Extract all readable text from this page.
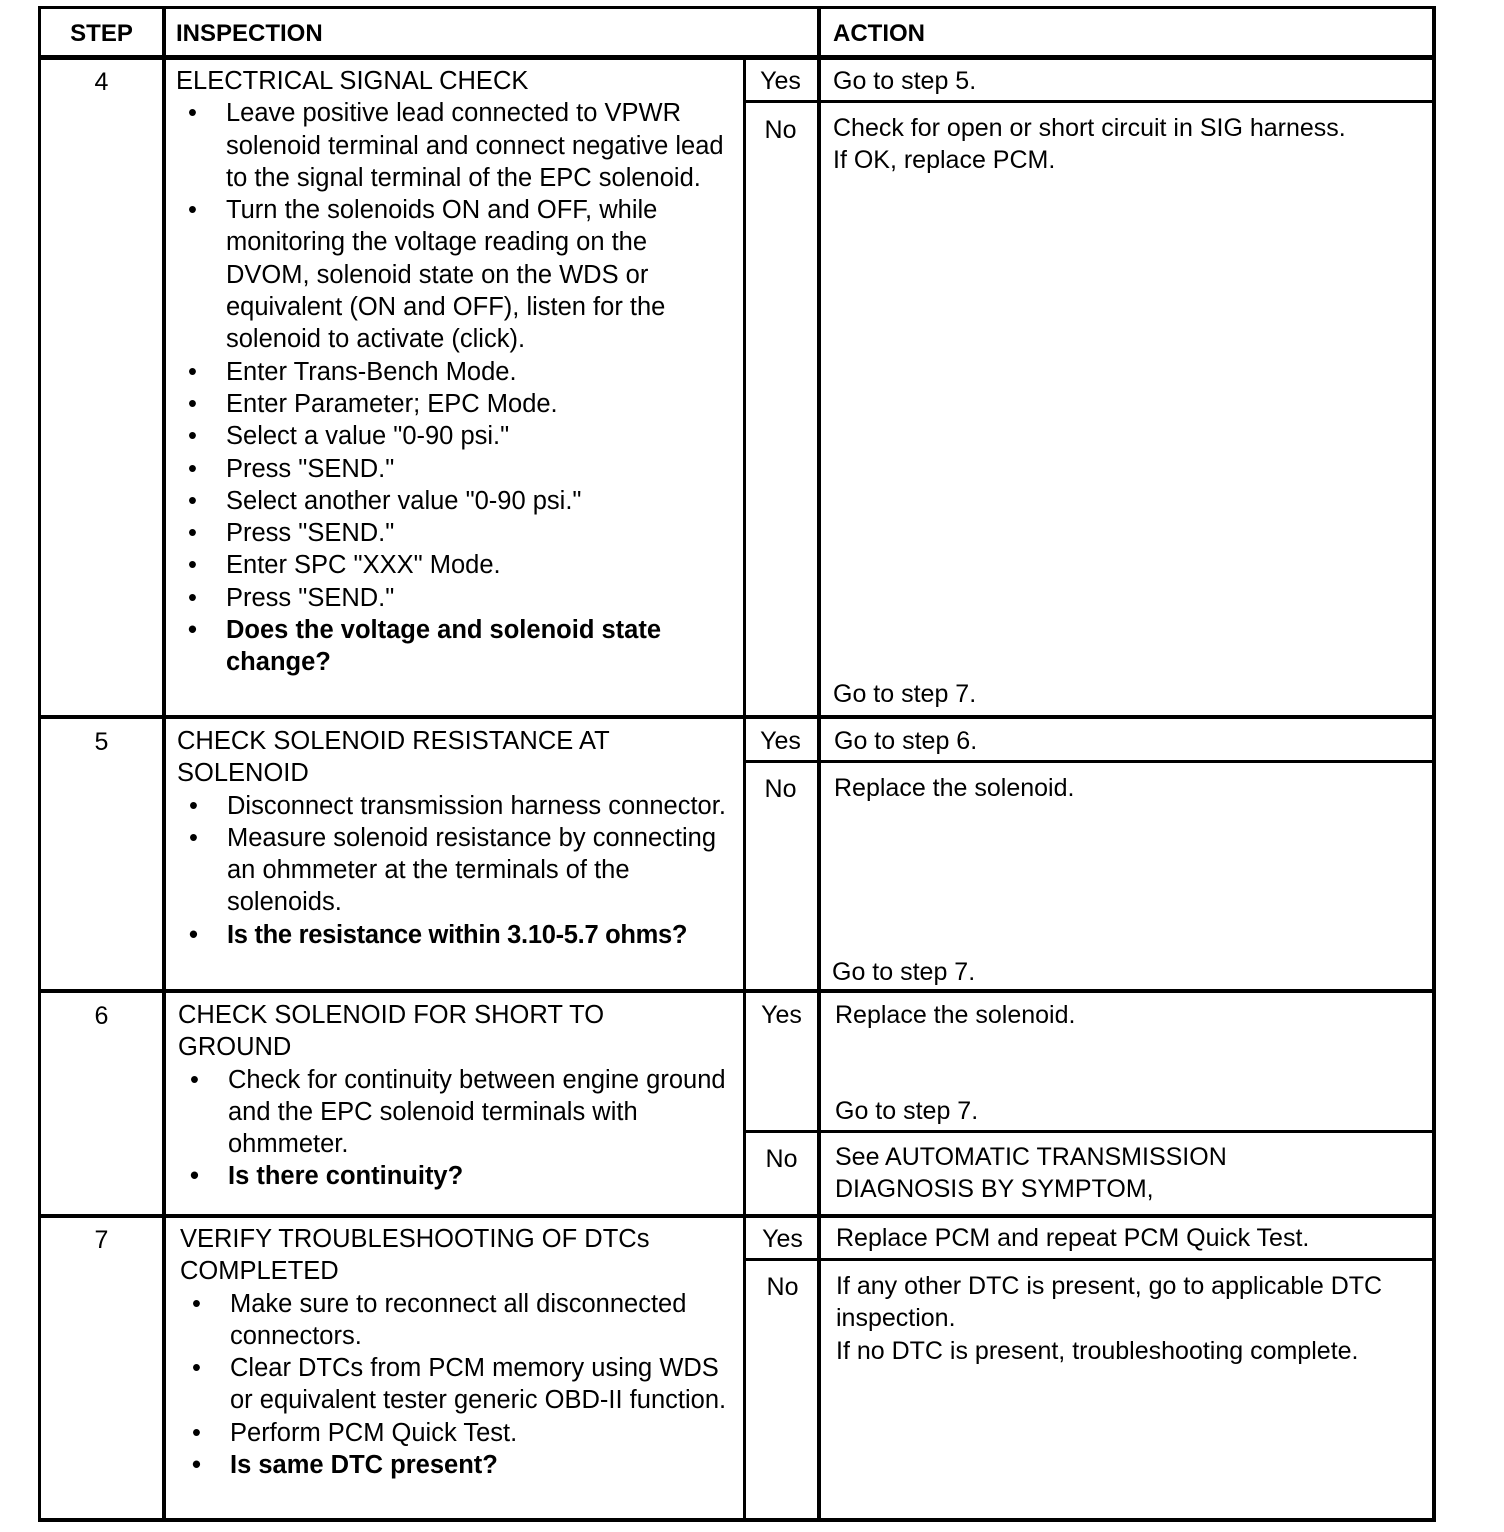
STEP	INSPECTION	ACTION
4	ELECTRICAL SIGNAL CHECK
• Leave positive lead connected to VPWR solenoid terminal and connect negative lead to the signal terminal of the EPC solenoid.
• Turn the solenoids ON and OFF, while monitoring the voltage reading on the DVOM, solenoid state on the WDS or equivalent (ON and OFF), listen for the solenoid to activate (click).
• Enter Trans-Bench Mode.
• Enter Parameter; EPC Mode.
• Select a value "0-90 psi."
• Press "SEND."
• Select another value "0-90 psi."
• Press "SEND."
• Enter SPC "XXX" Mode.
• Press "SEND."
• Does the voltage and solenoid state change?
Yes	Go to step 5.
No	Check for open or short circuit in SIG harness.
If OK, replace PCM.
Go to step 7.
5	CHECK SOLENOID RESISTANCE AT SOLENOID
• Disconnect transmission harness connector.
• Measure solenoid resistance by connecting an ohmmeter at the terminals of the solenoids.
• Is the resistance within 3.10-5.7 ohms?
Yes	Go to step 6.
No	Replace the solenoid.
Go to step 7.
6	CHECK SOLENOID FOR SHORT TO GROUND
• Check for continuity between engine ground and the EPC solenoid terminals with ohmmeter.
• Is there continuity?
Yes	Replace the solenoid.
Go to step 7.
No	See AUTOMATIC TRANSMISSION DIAGNOSIS BY SYMPTOM,
7	VERIFY TROUBLESHOOTING OF DTCs COMPLETED
• Make sure to reconnect all disconnected connectors.
• Clear DTCs from PCM memory using WDS or equivalent tester generic OBD-II function.
• Perform PCM Quick Test.
• Is same DTC present?
Yes	Replace PCM and repeat PCM Quick Test.
No	If any other DTC is present, go to applicable DTC inspection.
If no DTC is present, troubleshooting complete.
